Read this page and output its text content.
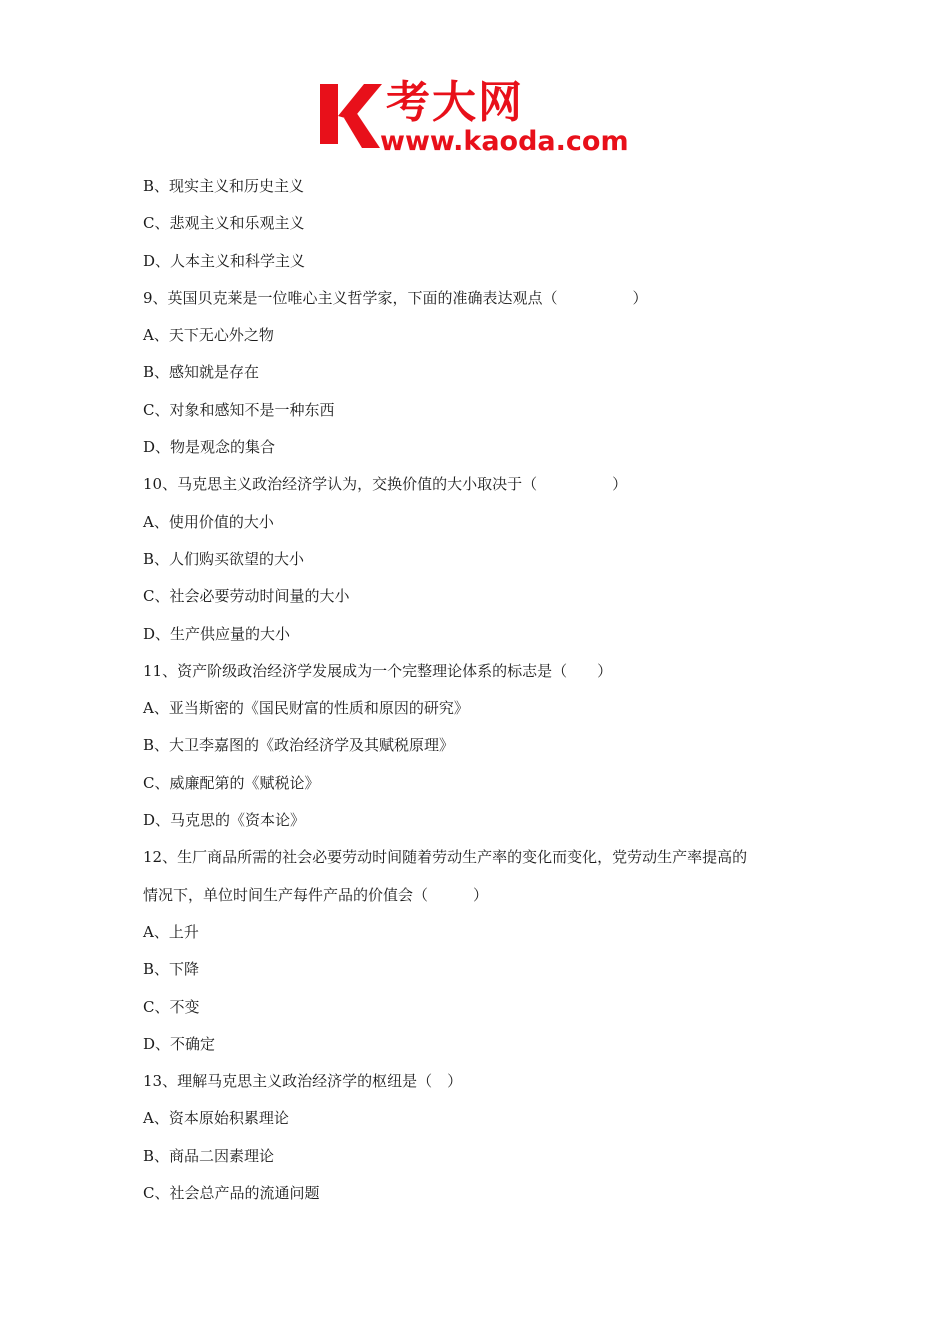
考大网
www.kaoda.com
B、现实主义和历史主义
C、悲观主义和乐观主义
D、人本主义和科学主义
9、英国贝克莱是一位唯心主义哲学家，下面的准确表达观点（　　　　　）
A、天下无心外之物
B、感知就是存在
C、对象和感知不是一种东西
D、物是观念的集合
10、马克思主义政治经济学认为，交换价值的大小取决于（　　　　　）
A、使用价值的大小
B、人们购买欲望的大小
C、社会必要劳动时间量的大小
D、生产供应量的大小
11、资产阶级政治经济学发展成为一个完整理论体系的标志是（　　）
A、亚当斯密的《国民财富的性质和原因的研究》
B、大卫李嘉图的《政治经济学及其赋税原理》
C、威廉配第的《赋税论》
D、马克思的《资本论》
12、生厂商品所需的社会必要劳动时间随着劳动生产率的变化而变化，党劳动生产率提高的
情况下，单位时间生产每件产品的价值会（　　　）
A、上升
B、下降
C、不变
D、不确定
13、理解马克思主义政治经济学的枢纽是（　）
A、资本原始积累理论
B、商品二因素理论
C、社会总产品的流通问题
